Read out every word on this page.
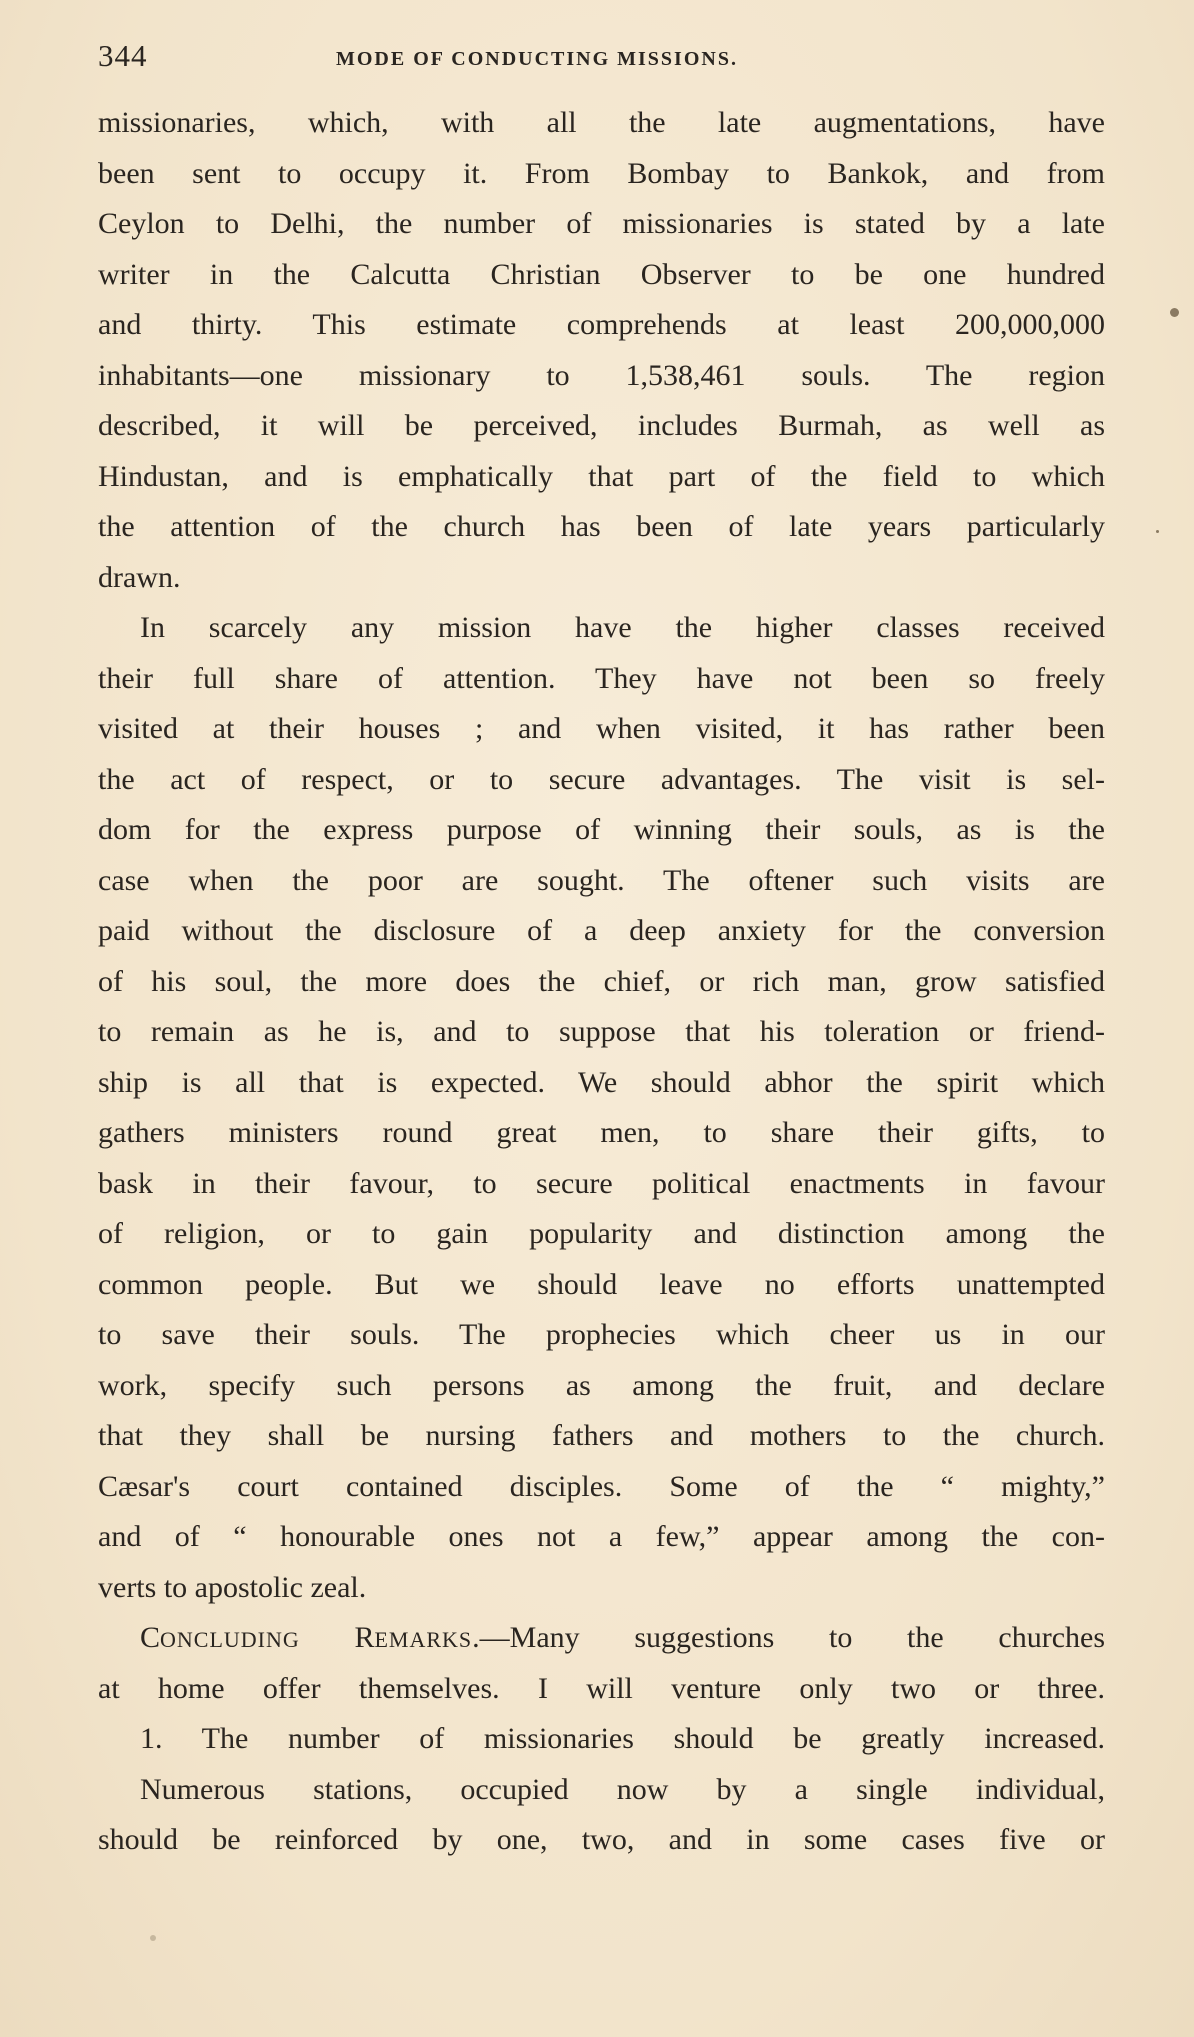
344	MODE OF CONDUCTING MISSIONS.
missionaries, which, with all the late augmentations, have
been sent to occupy it. From Bombay to Bankok, and from
Ceylon to Delhi, the number of missionaries is stated by a late
writer in the Calcutta Christian Observer to be one hundred
and thirty. This estimate comprehends at least 200,000,000
inhabitants—one missionary to 1,538,461 souls. The region
described, it will be perceived, includes Burmah, as well as
Hindustan, and is emphatically that part of the field to which
the attention of the church has been of late years particularly
drawn.
In scarcely any mission have the higher classes received
their full share of attention. They have not been so freely
visited at their houses ; and when visited, it has rather been
the act of respect, or to secure advantages. The visit is sel-
dom for the express purpose of winning their souls, as is the
case when the poor are sought. The oftener such visits are
paid without the disclosure of a deep anxiety for the conversion
of his soul, the more does the chief, or rich man, grow satisfied
to remain as he is, and to suppose that his toleration or friend-
ship is all that is expected. We should abhor the spirit which
gathers ministers round great men, to share their gifts, to
bask in their favour, to secure political enactments in favour
of religion, or to gain popularity and distinction among the
common people. But we should leave no efforts unattempted
to save their souls. The prophecies which cheer us in our
work, specify such persons as among the fruit, and declare
that they shall be nursing fathers and mothers to the church.
Cæsar's court contained disciples. Some of the “ mighty,”
and of “ honourable ones not a few,” appear among the con-
verts to apostolic zeal.
CONCLUDING REMARKS.—Many suggestions to the churches
at home offer themselves. I will venture only two or three.
1. The number of missionaries should be greatly increased.
Numerous stations, occupied now by a single individual,
should be reinforced by one, two, and in some cases five or
